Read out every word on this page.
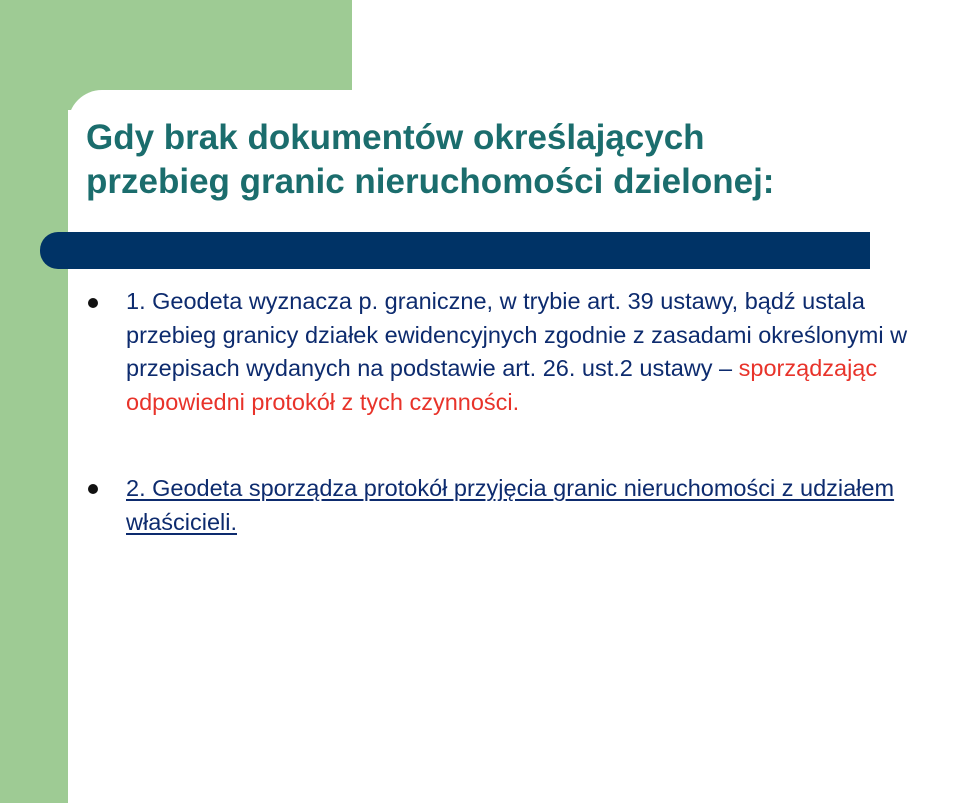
Gdy brak dokumentów określających
przebieg granic nieruchomości dzielonej:

1. Geodeta wyznacza p. graniczne, w trybie art. 39 ustawy, bądź ustala przebieg granicy działek ewidencyjnych zgodnie z zasadami określonymi w przepisach wydanych na podstawie art. 26. ust.2 ustawy – sporządzając odpowiedni protokół z tych czynności.

2. Geodeta sporządza protokół przyjęcia granic nieruchomości z udziałem właścicieli.
